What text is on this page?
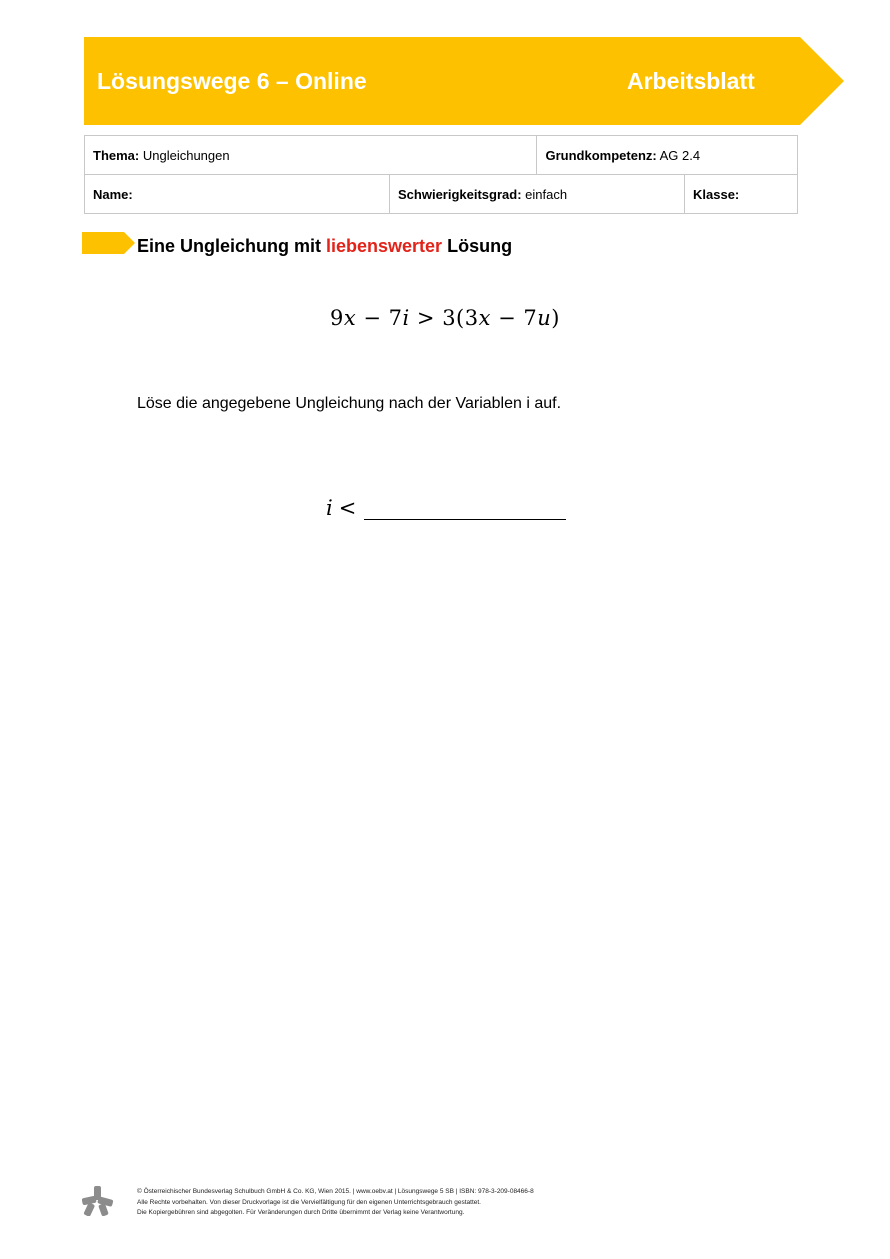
Lösungswege 6 – Online	Arbeitsblatt
Thema: Ungleichungen		Grundkompetenz: AG 2.4	
Name:	Schwierigkeitsgrad: einfach		Klasse:
Eine Ungleichung mit liebenswerter Lösung
9x − 7i > 3(3x − 7u)
Löse die angegebene Ungleichung nach der Variablen i auf.
i <
© Österreichischer Bundesverlag Schulbuch GmbH & Co. KG, Wien 2015. | www.oebv.at | Lösungswege 5 SB | ISBN: 978-3-209-08466-8
Alle Rechte vorbehalten. Von dieser Druckvorlage ist die Vervielfältigung für den eigenen Unterrichtsgebrauch gestattet.
Die Kopiergebühren sind abgegolten. Für Veränderungen durch Dritte übernimmt der Verlag keine Verantwortung.
